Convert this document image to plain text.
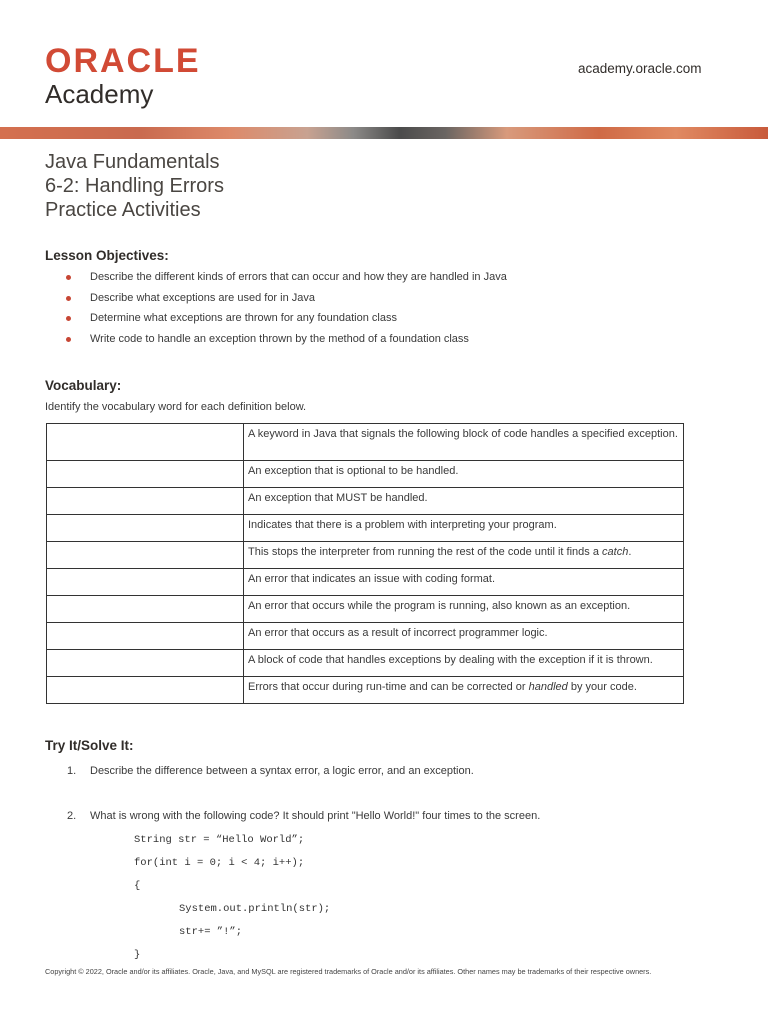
ORACLE
Academy
academy.oracle.com
Java Fundamentals
6-2: Handling Errors
Practice Activities
Lesson Objectives:
Describe the different kinds of errors that can occur and how they are handled in Java
Describe what exceptions are used for in Java
Determine what exceptions are thrown for any foundation class
Write code to handle an exception thrown by the method of a foundation class
Vocabulary:
Identify the vocabulary word for each definition below.
	A keyword in Java that signals the following block of code handles a specified exception.
	An exception that is optional to be handled.
	An exception that MUST be handled.
	Indicates that there is a problem with interpreting your program.
	This stops the interpreter from running the rest of the code until it finds a catch.
	An error that indicates an issue with coding format.
	An error that occurs while the program is running, also known as an exception.
	An error that occurs as a result of incorrect programmer logic.
	A block of code that handles exceptions by dealing with the exception if it is thrown.
	Errors that occur during run-time and can be corrected or handled by your code.
Try It/Solve It:
1. Describe the difference between a syntax error, a logic error, and an exception.
2. What is wrong with the following code? It should print "Hello World!" four times to the screen.
String str = “Hello World”;
for(int i = 0; i < 4; i++);
{
System.out.println(str);
str+= ”!”;
}
Copyright © 2022, Oracle and/or its affiliates. Oracle, Java, and MySQL are registered trademarks of Oracle and/or its affiliates. Other names may be trademarks of their respective owners.
